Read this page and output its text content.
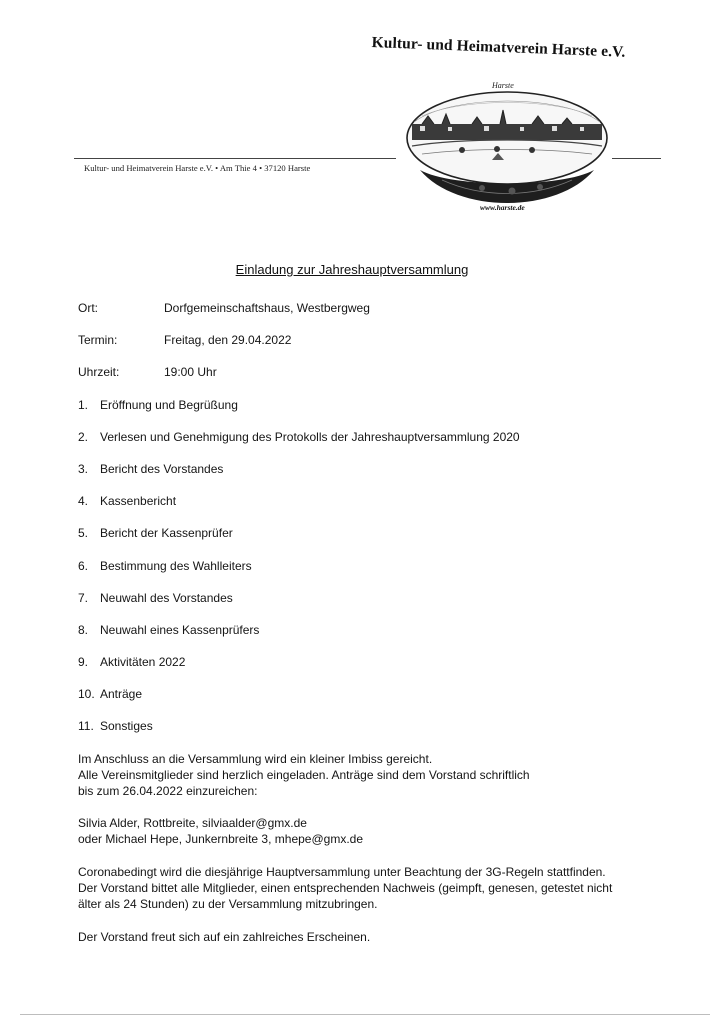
Kultur- und Heimatverein Harste e.V.
Kultur- und Heimatverein Harste e.V. • Am Thie 4 • 37120 Harste
Harste
www.harste.de
Einladung zur Jahreshauptversammlung
Ort:	Dorfgemeinschaftshaus, Westbergweg
Termin:	Freitag, den 29.04.2022
Uhrzeit:	19:00 Uhr
1. Eröffnung und Begrüßung
2. Verlesen und Genehmigung des Protokolls der Jahreshauptversammlung 2020
3. Bericht des Vorstandes
4. Kassenbericht
5. Bericht der Kassenprüfer
6. Bestimmung des Wahlleiters
7. Neuwahl des Vorstandes
8. Neuwahl eines Kassenprüfers
9. Aktivitäten 2022
10. Anträge
11. Sonstiges
Im Anschluss an die Versammlung wird ein kleiner Imbiss gereicht.
Alle Vereinsmitglieder sind herzlich eingeladen. Anträge sind dem Vorstand schriftlich
bis zum 26.04.2022 einzureichen:
Silvia Alder, Rottbreite, silviaalder@gmx.de
oder Michael Hepe, Junkernbreite 3, mhepe@gmx.de
Coronabedingt wird die diesjährige Hauptversammlung unter Beachtung der 3G-Regeln stattfinden.
Der Vorstand bittet alle Mitglieder, einen entsprechenden Nachweis (geimpft, genesen, getestet nicht
älter als 24 Stunden) zu der Versammlung mitzubringen.
Der Vorstand freut sich auf ein zahlreiches Erscheinen.
